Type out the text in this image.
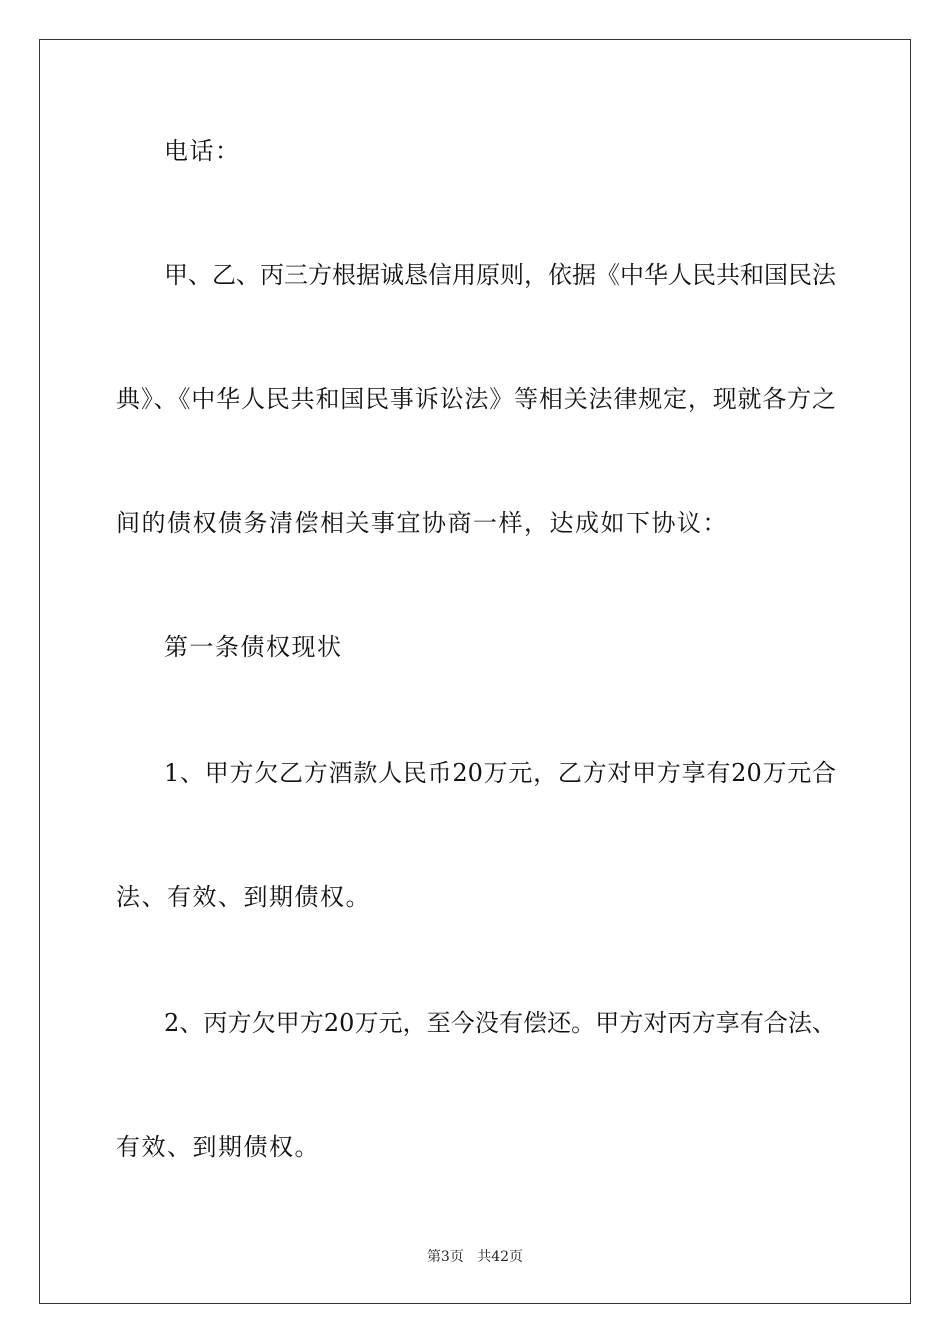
电话：
甲、乙、丙三方根据诚恳信用原则，依据《中华人民共和国民法
典》、《中华人民共和国民事诉讼法》等相关法律规定，现就各方之
间的债权债务清偿相关事宜协商一样，达成如下协议：
第一条债权现状
1、甲方欠乙方酒款人民币20万元，乙方对甲方享有20万元合
法、有效、到期债权。
2、丙方欠甲方20万元，至今没有偿还。甲方对丙方享有合法、
有效、到期债权。
第3页 共42页
